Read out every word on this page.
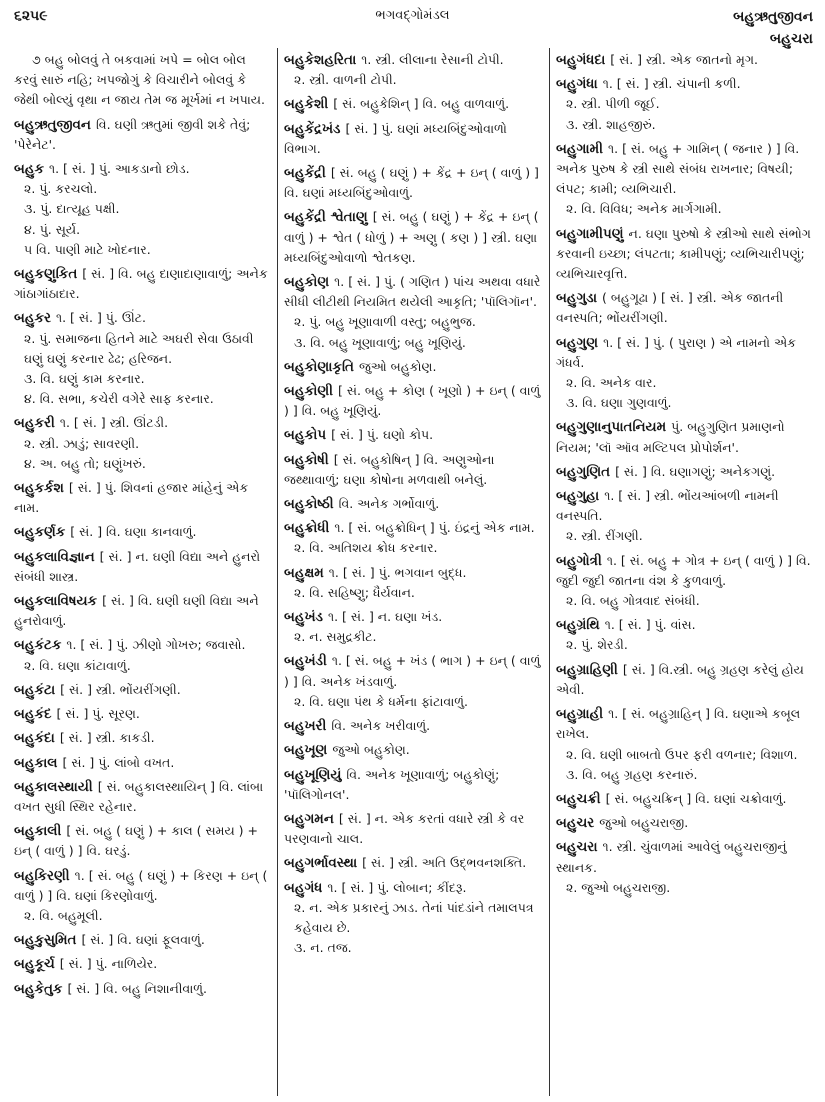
૬૨૫૯	ભગવદ્ગોમંડલ	બહુઋતુજીવન
બહુચરા
૭ બહુ બોલવું તે બકવામાં ખપે = બોલ બોલ કરવું સારું નહિ; ખપજોગું કે વિચારીને બોલવું કે જેથી બોલ્યું વૃથા ન જાય તેમ જ મૂર્ખમાં ન ખપાય.
બહુઋતુજીવન વિ. ઘણી ઋતુમાં જીવી શકે તેવું; 'પેરેનેટ'.
બહુક ૧. [ સં. ] પું. આકડાનો છોડ.
૨. પું. કરચલો.
૩. પું. દાત્યૂહ પક્ષી.
૪. પું. સૂર્ય.
૫ વિ. પાણી માટે ખોદનાર.
બહુકણુકિત [ સં. ] વિ. બહુ દાણાદાણાવાળું; અનેક ગાંઠાગાંઠાદાર.
બહુકર ૧. [ સં. ] પું. ઊંટ.
૨. પું. સમાજના હિતને માટે અઘરી સેવા ઉઠાવી ઘણું ઘણું કરનાર ઢેઢ; હરિજન.
૩. વિ. ઘણું કામ કરનાર.
૪. વિ. સભા, કચેરી વગેરે સાફ કરનાર.
બહુકરી ૧. [ સં. ] સ્ત્રી. ઊંટડી.
૨. સ્ત્રી. ઝાડું; સાવરણી.
૪. અ. બહુ તો; ઘણુંખરું.
બહુકર્કશ [ સં. ] પું. શિવનાં હજાર માંહેનું એક નામ.
બહુકર્ણક [ સં. ] વિ. ઘણા કાનવાળું.
બહુકલાવિજ્ઞાન [ સં. ] ન. ઘણી વિદ્યા અને હુનરો સંબંધી શાસ્ત્ર.
બહુકલાવિષયક [ સં. ] વિ. ઘણી ઘણી વિદ્યા અને હુનરોવાળું.
બહુકંટક ૧. [ સં. ] પું. ઝીણો ગોખરુ; જવાસો.
૨. વિ. ઘણા કાંટાવાળું.
બહુકંટા [ સં. ] સ્ત્રી. ભોંયરીંગણી.
બહુકંદ [ સં. ] પું. સૂરણ.
બહુકંદા [ સં. ] સ્ત્રી. કાકડી.
બહુકાલ [ સં. ] પું. લાંબો વખત.
બહુકાલસ્થાયી [ સં. બહુકાલસ્થાયિન્ ] વિ. લાંબા વખત સુધી સ્થિર રહેનાર.
બહુકાલી [ સં. બહુ ( ઘણું ) + કાલ ( સમય ) + ઇન્ ( વાળું ) ] વિ. ઘરડું.
બહુકિરણી ૧. [ સં. બહુ ( ઘણું ) + કિરણ + ઇન્ ( વાળું ) ] વિ. ઘણાં કિરણોવાળું.
૨. વિ. બહુમૂલી.
બહુકુસુમિત [ સં. ] વિ. ઘણાં ફૂલવાળું.
બહુકૂર્ચ [ સં. ] પું. નાળિયેર.
બહુકેતુક [ સં. ] વિ. બહુ નિશાનીવાળું.
બહુકેશહરિતા ૧. સ્ત્રી. લીલાના રેસાની ટોપી.
૨. સ્ત્રી. વાળની ટોપી.
બહુકેશી [ સં. બહુકેશિન્ ] વિ. બહુ વાળવાળું.
બહુકેંદ્રખંડ [ સં. ] પું. ઘણાં મધ્યબિંદુઓવાળો વિભાગ.
બહુકેંદ્રી [ સં. બહુ ( ઘણું ) + કેંદ્ર + ઇન્ ( વાળું ) ] વિ. ઘણાં મધ્યબિંદુઓવાળું.
બહુકેંદ્રી શ્વેતાણુ [ સં. બહુ ( ઘણું ) + કેંદ્ર + ઇન્ ( વાળું ) + શ્વેત ( ધોળું ) + અણુ ( કણ ) ] સ્ત્રી. ઘણા મધ્યબિંદુઓવાળો શ્વેતકણ.
બહુકોણ ૧. [ સં. ] પું. ( ગણિત ) પાંચ અથવા વધારે સીધી લીટીથી નિયમિત થયેલી આકૃતિ; 'પૉલિગૉન'.
૨. પું. બહુ ખૂણાવાળી વસ્તુ; બહુભુજ.
૩. વિ. બહુ ખૂણાવાળું; બહુ ખૂણિયું.
બહુકોણાકૃતિ જુઓ બહુકોણ.
બહુકોણી [ સં. બહુ + કોણ ( ખૂણો ) + ઇન્ ( વાળું ) ] વિ. બહુ ખૂણિયું.
બહુકોપ [ સં. ] પું. ઘણો કોપ.
બહુકોષી [ સં. બહુકોષિન્ ] વિ. અણુઓના જથ્થાવાળું; ઘણા કોષોના મળવાથી બનેલું.
બહુકોષ્ઠી વિ. અનેક ગર્ભોવાળું.
બહુક્રોધી ૧. [ સં. બહુક્રોધિન્ ] પું. ઇંદ્રનું એક નામ.
૨. વિ. અતિશય ક્રોધ કરનાર.
બહુક્ષમ ૧. [ સં. ] પું. ભગવાન બુદ્ધ.
૨. વિ. સહિષ્ણુ; ધૈર્યવાન.
બહુખંડ ૧. [ સં. ] ન. ઘણા ખંડ.
૨. ન. સમુદ્રકીટ.
બહુખંડી ૧. [ સં. બહુ + ખંડ ( ભાગ ) + ઇન્ ( વાળું ) ] વિ. અનેક ખંડવાળું.
૨. વિ. ઘણા પંથ કે ધર્મના ફાંટાવાળું.
બહુખરી વિ. અનેક ખરીવાળું.
બહુખૂણ જુઓ બહુકોણ.
બહુખૂણિયું વિ. અનેક ખૂણાવાળું; બહુકોણું; 'પૉલિગોનલ'.
બહુગમન [ સં. ] ન. એક કરતાં વધારે સ્ત્રી કે વર પરણવાનો ચાલ.
બહુગર્ભાવસ્થા [ સં. ] સ્ત્રી. અતિ ઉદ્ભવનશક્તિ.
બહુગંધ ૧. [ સં. ] પું. લોબાન; કીંદરૂ.
૨. ન. એક પ્રકારનું ઝાડ. તેનાં પાંદડાંને તમાલપત્ર કહેવાય છે.
૩. ન. તજ.
બહુગંધદા [ સં. ] સ્ત્રી. એક જાતનો મૃગ.
બહુગંધા ૧. [ સં. ] સ્ત્રી. ચંપાની કળી.
૨. સ્ત્રી. પીળી જૂઈ.
૩. સ્ત્રી. શાહજીરું.
બહુગામી ૧. [ સં. બહુ + ગામિન્ ( જનાર ) ] વિ. અનેક પુરુષ કે સ્ત્રી સાથે સંબંધ રાખનાર; વિષયી; લંપટ; કામી; વ્યભિચારી.
૨. વિ. વિવિધ; અનેક માર્ગગામી.
બહુગામીપણું ન. ઘણા પુરુષો કે સ્ત્રીઓ સાથે સંભોગ કરવાની ઇચ્છા; લંપટતા; કામીપણું; વ્યભિચારીપણું; વ્યભિચારવૃત્તિ.
બહુગુડા ( બહુગૂઢા ) [ સં. ] સ્ત્રી. એક જાતની વનસ્પતિ; ભોંયરીંગણી.
બહુગુણ ૧. [ સં. ] પું. ( પુરાણ ) એ નામનો એક ગંધર્વ.
૨. વિ. અનેક વાર.
૩. વિ. ઘણા ગુણવાળું.
બહુગુણાનુપાતનિયમ પું. બહુગુણિત પ્રમાણનો નિયમ; 'લૉ ઑવ મલ્ટિપલ પ્રોપોર્શન'.
બહુગુણિત [ સં. ] વિ. ઘણાગણું; અનેકગણું.
બહુગુહા ૧. [ સં. ] સ્ત્રી. ભોંયઆંબળી નામની વનસ્પતિ.
૨. સ્ત્રી. રીંગણી.
બહુગોત્રી ૧. [ સં. બહુ + ગોત્ર + ઇન્ ( વાળું ) ] વિ. જુદી જુદી જાતના વંશ કે કુળવાળું.
૨. વિ. બહુ ગોત્રવાદ સંબંધી.
બહુગ્રંથિ ૧. [ સં. ] પું. વાંસ.
૨. પું. શેરડી.
બહુગ્રાહિણી [ સં. ] વિ.સ્ત્રી. બહુ ગ્રહણ કરેલું હોય એવી.
બહુગ્રાહી ૧. [ સં. બહુગ્રાહિન્ ] વિ. ઘણાએ કબૂલ રાખેલ.
૨. વિ. ઘણી બાબતો ઉપર ફરી વળનાર; વિશાળ.
૩. વિ. બહુ ગ્રહણ કરનારું.
બહુચક્રી [ સં. બહુચક્રિન્ ] વિ. ઘણાં ચક્રોવાળું.
બહુચર જુઓ બહુચરાજી.
બહુચરા ૧. સ્ત્રી. ચુંવાળમાં આવેલું બહુચરાજીનું સ્થાનક.
૨. જુઓ બહુચરાજી.
